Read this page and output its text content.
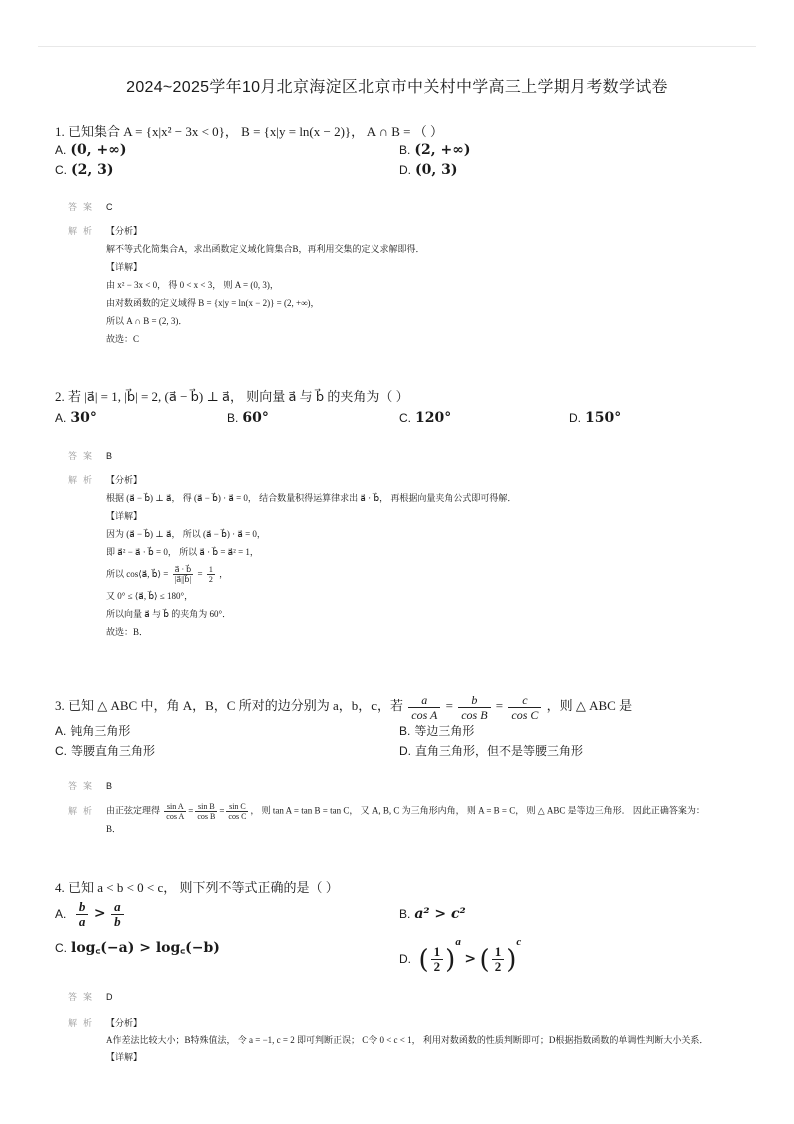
2024~2025学年10月北京海淀区北京市中关村中学高三上学期月考数学试卷
1. 已知集合 A = {x|x² − 3x < 0}， B = {x|y = ln(x − 2)}， A ∩ B = （ ）
A. (0, +∞)	B. (2, +∞)
C. (2, 3)	D. (0, 3)
答案 C
解析 【分析】
解不等式化简集合A，求出函数定义域化简集合B，再利用交集的定义求解即得．
【详解】
由 x² − 3x < 0， 得 0 < x < 3， 则 A = (0, 3)，
由对数函数的定义域得 B = {x|y = ln(x − 2)} = (2, +∞)，
所以 A ∩ B = (2, 3)．
故选：C
2. 若 |a⃗| = 1, |b⃗| = 2, (a⃗ − b⃗) ⊥ a⃗， 则向量 a⃗ 与 b⃗ 的夹角为（ ）
A. 30°	B. 60°	C. 120°	D. 150°
答案 B
解析 【分析】
根据 (a⃗ − b⃗) ⊥ a⃗， 得 (a⃗ − b⃗) · a⃗ = 0， 结合数量积得运算律求出 a⃗ · b⃗， 再根据向量夹角公式即可得解．
【详解】
因为 (a⃗ − b⃗) ⊥ a⃗， 所以 (a⃗ − b⃗) · a⃗ = 0，
即 a⃗² − a⃗ · b⃗ = 0， 所以 a⃗ · b⃗ = a⃗² = 1，
所以 cos⟨a⃗, b⃗⟩ = $\frac{a⃗ \cdot b⃗}{|a⃗||b⃗|} = \frac{1}{2}$ ，
又 0° ≤ ⟨a⃗, b⃗⟩ ≤ 180°，
所以向量 a⃗ 与 b⃗ 的夹角为 60°．
故选：B．
3. 已知 △ ABC 中，角 A，B，C 所对的边分别为 a，b，c，若 $\frac{a}{\text{cos A}} = \frac{b}{\text{cos B}} = \frac{c}{\text{cos C}}$ ，则 △ ABC 是
A. 钝角三角形	B. 等边三角形
C. 等腰直角三角形	D. 直角三角形，但不是等腰三角形
答案 B
解析 由正弦定理得 $\frac{\text{sin A}}{\text{cos A}} = \frac{\text{sin B}}{\text{cos B}} = \frac{\text{sin C}}{\text{cos C}}$ ， 则 tan A = tan B = tan C， 又 A, B, C 为三角形内角， 则 A = B = C， 则 △ ABC 是等边三角形． 因此正确答案为： B．
4. 已知 a < b < 0 < c， 则下列不等式正确的是（ ）
A. $\frac{b}{a} > \frac{a}{b}$	B. a² > c²
C. log꜀(−a) > log꜀(−b)
D. ( $\frac{1}{2} )^a$ > ( $\frac{1}{2} )^c$
答案 D
解析 【分析】
A作差法比较大小；B特殊值法， 令 a = −1, c = 2 即可判断正误； C令 0 < c < 1， 利用对数函数的性质判断即可；D根据指数函数的单调性判断大小关系．
【详解】
